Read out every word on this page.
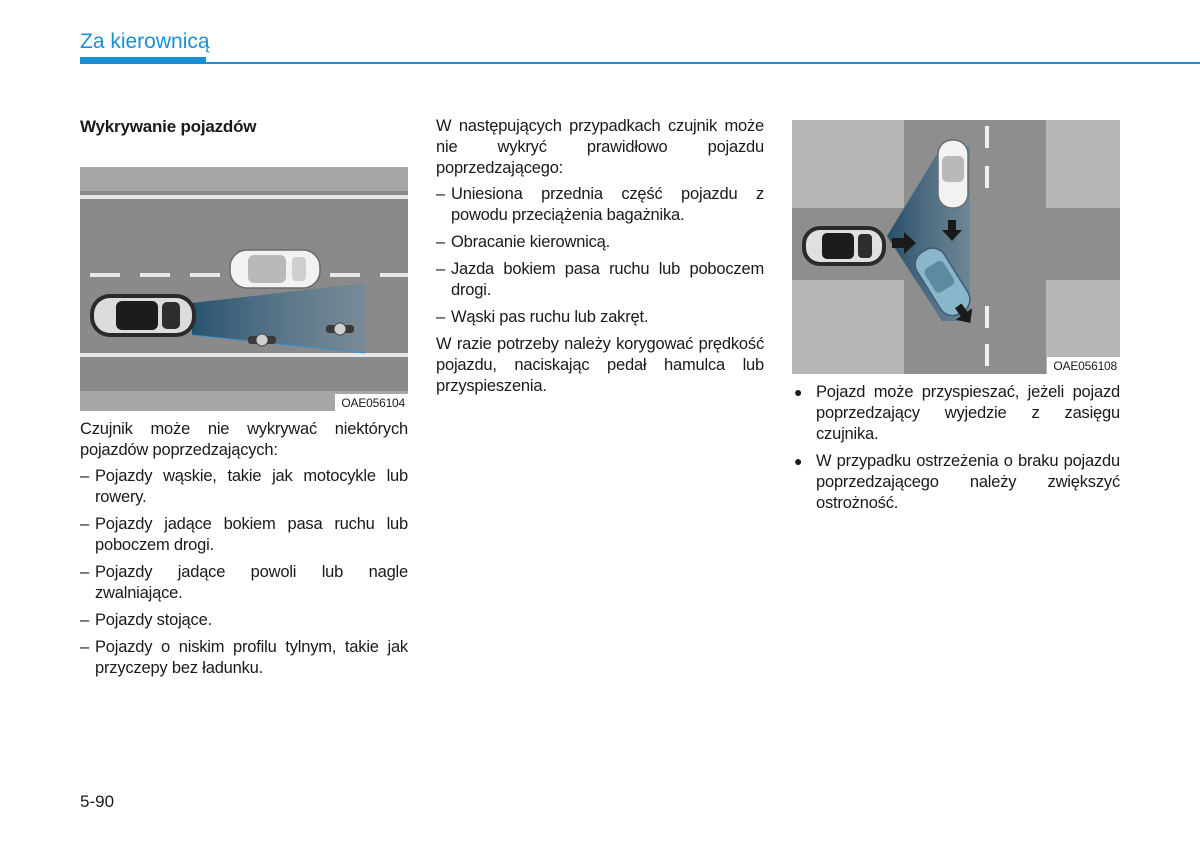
Za kierownicą
Wykrywanie pojazdów
OAE056104

Czujnik może nie wykrywać niektórych pojazdów poprzedzających:

– Pojazdy wąskie, takie jak motocykle lub rowery.
– Pojazdy jadące bokiem pasa ruchu lub poboczem drogi.
– Pojazdy jadące powoli lub nagle zwalniające.
– Pojazdy stojące.
– Pojazdy o niskim profilu tylnym, takie jak przyczepy bez ładunku.

W następujących przypadkach czujnik może nie wykryć prawidłowo pojazdu poprzedzającego:

– Uniesiona przednia część pojazdu z powodu przeciążenia bagażnika.
– Obracanie kierownicą.
– Jazda bokiem pasa ruchu lub poboczem drogi.
– Wąski pas ruchu lub zakręt.

W razie potrzeby należy korygować prędkość pojazdu, naciskając pedał hamulca lub przyspieszenia.

OAE056108
● Pojazd może przyspieszać, jeżeli pojazd poprzedzający wyjedzie z zasięgu czujnika.
● W przypadku ostrzeżenia o braku pojazdu poprzedzającego należy zwiększyć ostrożność.
5-90
